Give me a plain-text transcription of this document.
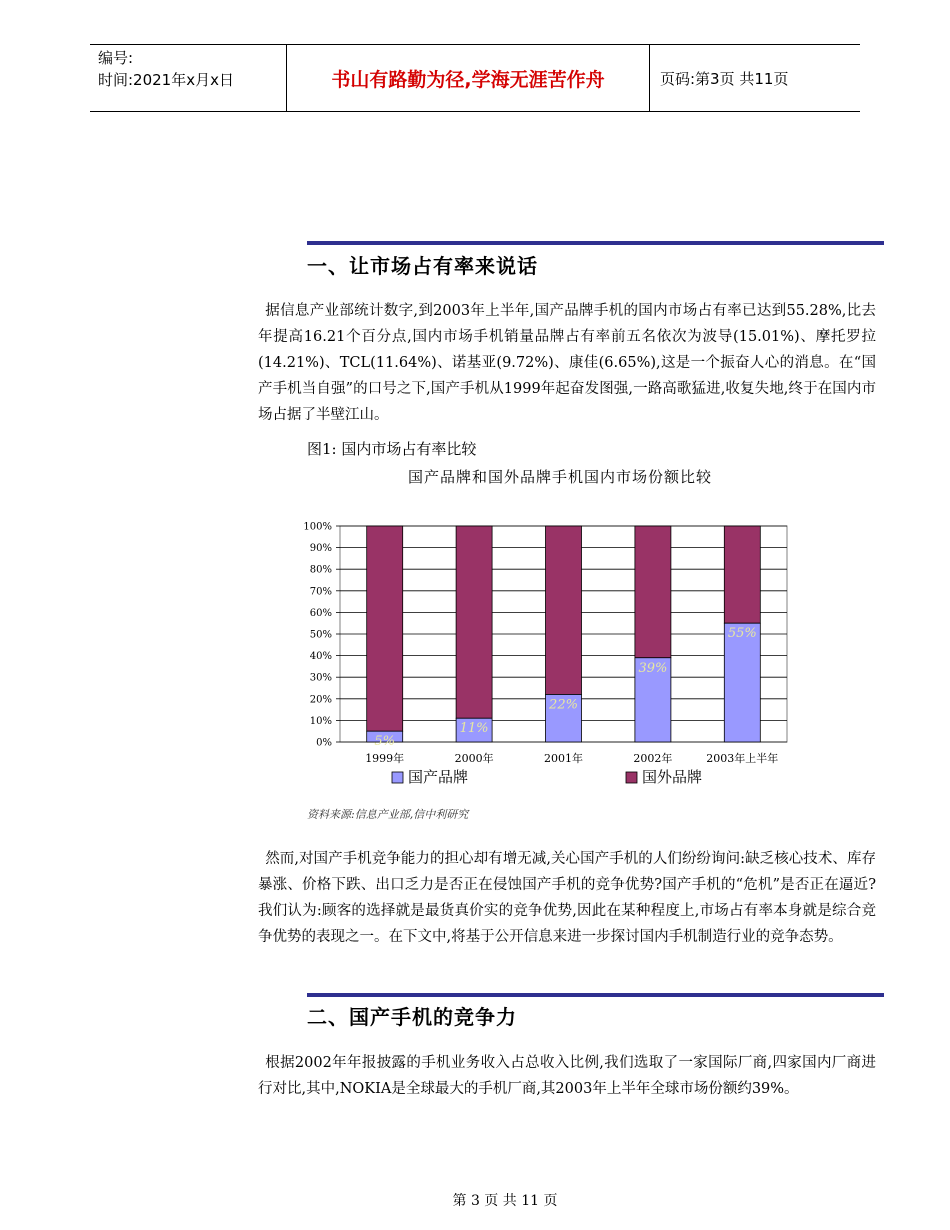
编号:
时间:2021年x月x日	书山有路勤为径,学海无涯苦作舟	页码:第3页 共11页
一、让市场占有率来说话
据信息产业部统计数字,到2003年上半年,国产品牌手机的国内市场占有率已达到55.28%,比去年提高16.21个百分点,国内市场手机销量品牌占有率前五名依次为波导(15.01%)、摩托罗拉(14.21%)、TCL(11.64%)、诺基亚(9.72%)、康佳(6.65%),这是一个振奋人心的消息。在“国产手机当自强”的口号之下,国产手机从1999年起奋发图强,一路高歌猛进,收复失地,终于在国内市场占据了半壁江山。
图1: 国内市场占有率比较
国产品牌和国外品牌手机国内市场份额比较
0%
10%
20%
30%
40%
50%
60%
70%
80%
90%
100%
5%
1999年
11%
2000年
22%
2001年
39%
2002年
55%
2003年上半年
国产品牌	国外品牌
资料来源:信息产业部,信中利研究
然而,对国产手机竞争能力的担心却有增无减,关心国产手机的人们纷纷询问:缺乏核心技术、库存暴涨、价格下跌、出口乏力是否正在侵蚀国产手机的竞争优势?国产手机的“危机”是否正在逼近?我们认为:顾客的选择就是最货真价实的竞争优势,因此在某种程度上,市场占有率本身就是综合竞争优势的表现之一。在下文中,将基于公开信息来进一步探讨国内手机制造行业的竞争态势。
二、国产手机的竞争力
根据2002年年报披露的手机业务收入占总收入比例,我们选取了一家国际厂商,四家国内厂商进行对比,其中,NOKIA是全球最大的手机厂商,其2003年上半年全球市场份额约39%。
第 3 页 共 11 页
